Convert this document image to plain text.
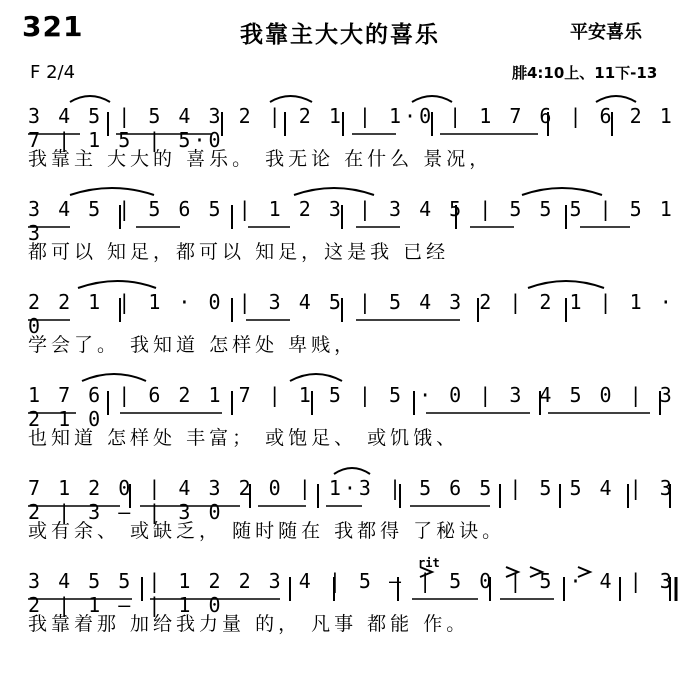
321	我靠主大大的喜乐	平安喜乐
F 2/4	腓4:10上、11下-13
3 4 5 | 5 4 3 2 | 2 1 | 1·0 | 1 7 6 | 6 2 1 7 | 1 5 | 5·0
我靠主 大大的 喜乐。 我无论 在什么 景况，
3 4 5 | 5 6 5 | 1 2 3 | 3 4 5 | 5 5 5 | 5 1 3
都可以 知足，都可以 知足，这是我 已经
2 2 1 | 1 · 0 | 3 4 5 | 5 4 3 2 | 2 1 | 1 · 0
学会了。 我知道 怎样处 卑贱，
1 7 6 | 6 2 1 7 | 1 5 | 5 · 0 | 3 4 5 0 | 3 2 1 0
也知道 怎样处 丰富； 或饱足、 或饥饿、
7 1 2 0 | 4 3 2 0 | 1·3 | 5 6 5 | 5 5 4 | 3 2 | 3 — | 3 0
或有余、 或缺乏， 随时随在 我都得 了秘诀。
rit
3 4 5 5 | 1 2 2 3 4 | 5 — | 5 0 | 5 · 4 | 3 2 | 1 — | 1 0
我靠着那 加给我力量 的， 凡事 都能 作。
